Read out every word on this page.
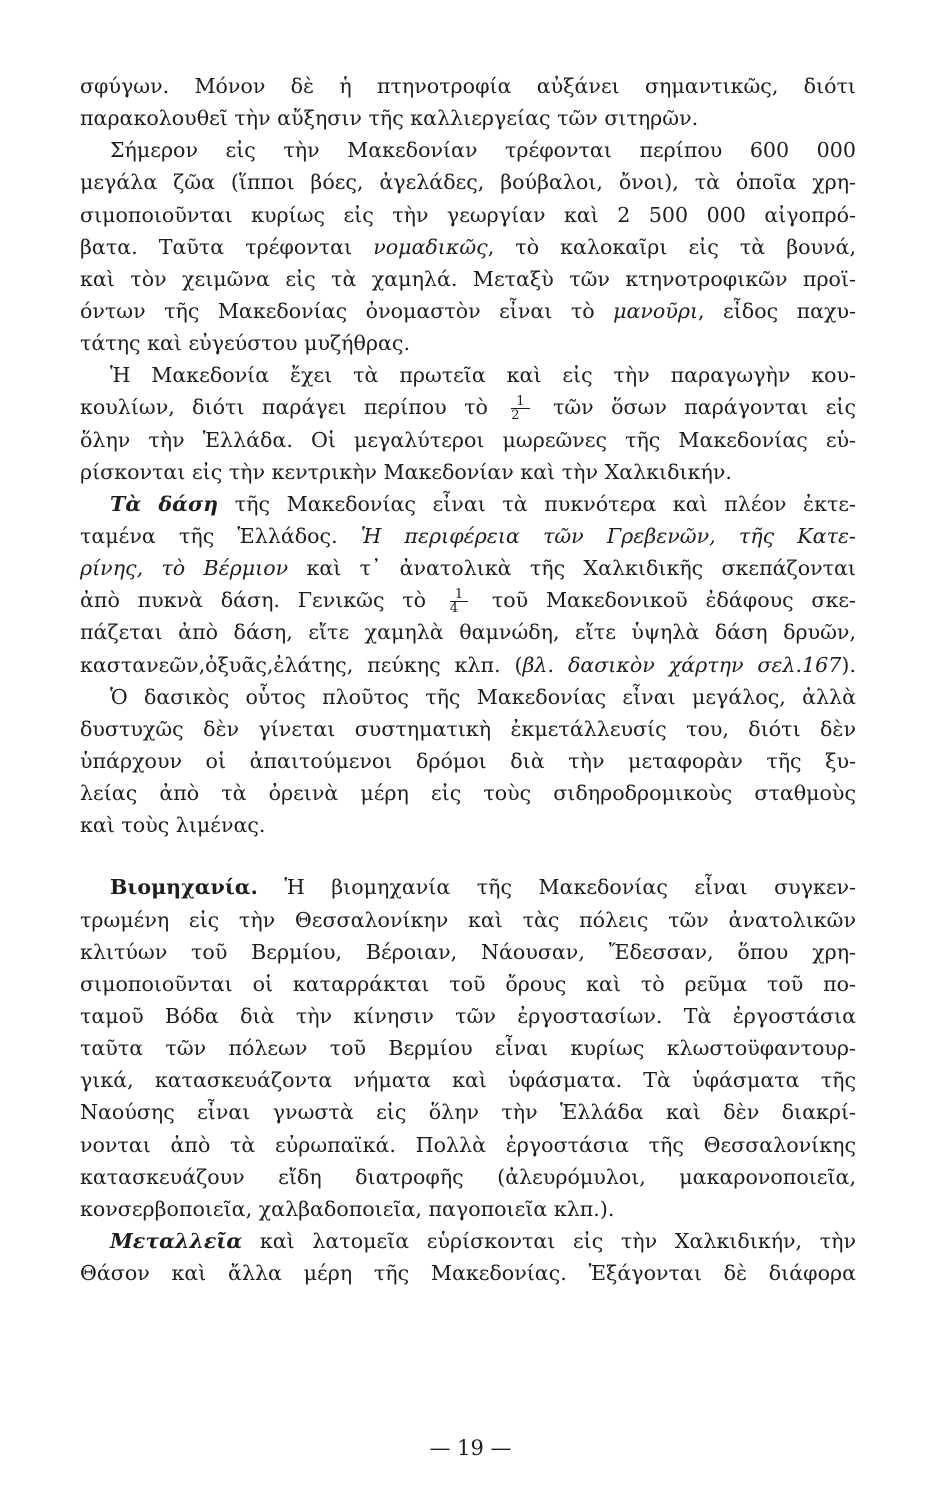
σφύγων. Μόνον δὲ ἡ πτηνοτροφία αὐξάνει σημαντικῶς, διότι
παρακολουθεῖ τὴν αὔξησιν τῆς καλλιεργείας τῶν σιτηρῶν.
Σήμερον εἰς τὴν Μακεδονίαν τρέφονται περίπου 600 000
μεγάλα ζῶα (ἵπποι βόες, ἀγελάδες, βούβαλοι, ὄνοι), τὰ ὁποῖα χρη-
σιμοποιοῦνται κυρίως εἰς τὴν γεωργίαν καὶ 2 500 000 αἰγοπρό-
βατα. Ταῦτα τρέφονται νομαδικῶς, τὸ καλοκαῖρι εἰς τὰ βουνά,
καὶ τὸν χειμῶνα εἰς τὰ χαμηλά. Μεταξὺ τῶν κτηνοτροφικῶν προϊ-
όντων τῆς Μακεδονίας ὀνομαστὸν εἶναι τὸ μανοῦρι, εἶδος παχυ-
τάτης καὶ εὐγεύστου μυζήθρας.
Ἡ Μακεδονία ἔχει τὰ πρωτεῖα καὶ εἰς τὴν παραγωγὴν κου-
κουλίων, διότι παράγει περίπου τὸ $\frac{1}{2}$ τῶν ὅσων παράγονται εἰς
ὅλην τὴν Ἑλλάδα. Οἱ μεγαλύτεροι μωρεῶνες τῆς Μακεδονίας εὑ-
ρίσκονται εἰς τὴν κεντρικὴν Μακεδονίαν καὶ τὴν Χαλκιδικήν.
Τὰ δάση τῆς Μακεδονίας εἶναι τὰ πυκνότερα καὶ πλέον ἐκτε-
ταμένα τῆς Ἑλλάδος. Ἡ περιφέρεια τῶν Γρεβενῶν, τῆς Κατε-
ρίνης, τὸ Βέρμιον καὶ τ᾽ ἀνατολικὰ τῆς Χαλκιδικῆς σκεπάζονται
ἀπὸ πυκνὰ δάση. Γενικῶς τὸ $\frac{1}{4}$ τοῦ Μακεδονικοῦ ἐδάφους σκε-
πάζεται ἀπὸ δάση, εἴτε χαμηλὰ θαμνώδη, εἴτε ὑψηλὰ δάση δρυῶν,
καστανεῶν,ὀξυᾶς,ἐλάτης, πεύκης κλπ. (βλ. δασικὸν χάρτην σελ.167).
Ὁ δασικὸς οὗτος πλοῦτος τῆς Μακεδονίας εἶναι μεγάλος, ἀλλὰ
δυστυχῶς δὲν γίνεται συστηματικὴ ἐκμετάλλευσίς του, διότι δὲν
ὑπάρχουν οἱ ἀπαιτούμενοι δρόμοι διὰ τὴν μεταφορὰν τῆς ξυ-
λείας ἀπὸ τὰ ὀρεινὰ μέρη εἰς τοὺς σιδηροδρομικοὺς σταθμοὺς
καὶ τοὺς λιμένας.
Βιομηχανία. Ἡ βιομηχανία τῆς Μακεδονίας εἶναι συγκεν-
τρωμένη εἰς τὴν Θεσσαλονίκην καὶ τὰς πόλεις τῶν ἀνατολικῶν
κλιτύων τοῦ Βερμίου, Βέροιαν, Νάουσαν, Ἔδεσσαν, ὅπου χρη-
σιμοποιοῦνται οἱ καταρράκται τοῦ ὄρους καὶ τὸ ρεῦμα τοῦ πο-
ταμοῦ Βόδα διὰ τὴν κίνησιν τῶν ἐργοστασίων. Τὰ ἐργοστάσια
ταῦτα τῶν πόλεων τοῦ Βερμίου εἶναι κυρίως κλωστοϋφαντουρ-
γικά, κατασκευάζοντα νήματα καὶ ὑφάσματα. Τὰ ὑφάσματα τῆς
Ναούσης εἶναι γνωστὰ εἰς ὅλην τὴν Ἑλλάδα καὶ δὲν διακρί-
νονται ἀπὸ τὰ εὐρωπαϊκά. Πολλὰ ἐργοστάσια τῆς Θεσσαλονίκης
κατασκευάζουν εἴδη διατροφῆς (ἀλευρόμυλοι, μακαρονοποιεῖα,
κονσερβοποιεῖα, χαλβαδοποιεῖα, παγοποιεῖα κλπ.).
Μεταλλεῖα καὶ λατομεῖα εὑρίσκονται εἰς τὴν Χαλκιδικήν, τὴν
Θάσον καὶ ἄλλα μέρη τῆς Μακεδονίας. Ἐξάγονται δὲ διάφορα
— 19 —
